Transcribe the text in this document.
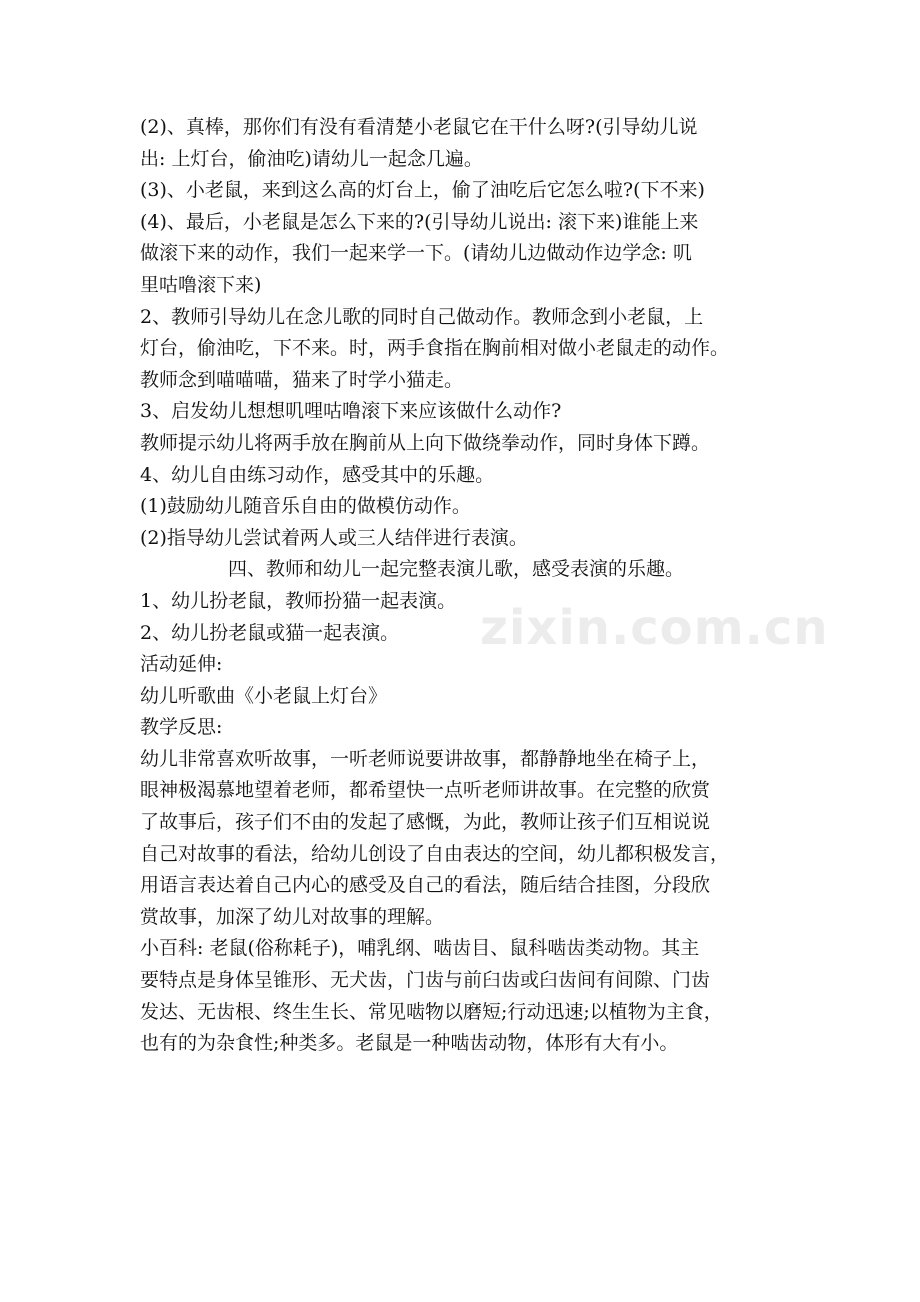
(2)、真棒，那你们有没有看清楚小老鼠它在干什么呀?(引导幼儿说
出: 上灯台，偷油吃)请幼儿一起念几遍。
(3)、小老鼠，来到这么高的灯台上，偷了油吃后它怎么啦?(下不来)
(4)、最后，小老鼠是怎么下来的?(引导幼儿说出: 滚下来)谁能上来
做滚下来的动作，我们一起来学一下。(请幼儿边做动作边学念: 叽
里咕噜滚下来)
2、教师引导幼儿在念儿歌的同时自己做动作。教师念到小老鼠，上
灯台，偷油吃，下不来。时，两手食指在胸前相对做小老鼠走的动作。
教师念到喵喵喵，猫来了时学小猫走。
3、启发幼儿想想叽哩咕噜滚下来应该做什么动作?
教师提示幼儿将两手放在胸前从上向下做绕拳动作，同时身体下蹲。
4、幼儿自由练习动作，感受其中的乐趣。
(1)鼓励幼儿随音乐自由的做模仿动作。
(2)指导幼儿尝试着两人或三人结伴进行表演。
四、教师和幼儿一起完整表演儿歌，感受表演的乐趣。
1、幼儿扮老鼠，教师扮猫一起表演。
2、幼儿扮老鼠或猫一起表演。
活动延伸:
幼儿听歌曲《小老鼠上灯台》
教学反思:
幼儿非常喜欢听故事，一听老师说要讲故事，都静静地坐在椅子上，
眼神极渴慕地望着老师，都希望快一点听老师讲故事。在完整的欣赏
了故事后，孩子们不由的发起了感慨，为此，教师让孩子们互相说说
自己对故事的看法，给幼儿创设了自由表达的空间，幼儿都积极发言，
用语言表达着自己内心的感受及自己的看法，随后结合挂图，分段欣
赏故事，加深了幼儿对故事的理解。
小百科: 老鼠(俗称耗子)，哺乳纲、啮齿目、鼠科啮齿类动物。其主
要特点是身体呈锥形、无犬齿，门齿与前臼齿或臼齿间有间隙、门齿
发达、无齿根、终生生长、常见啮物以磨短;行动迅速;以植物为主食，
也有的为杂食性;种类多。老鼠是一种啮齿动物，体形有大有小。
zixin.com.cn
